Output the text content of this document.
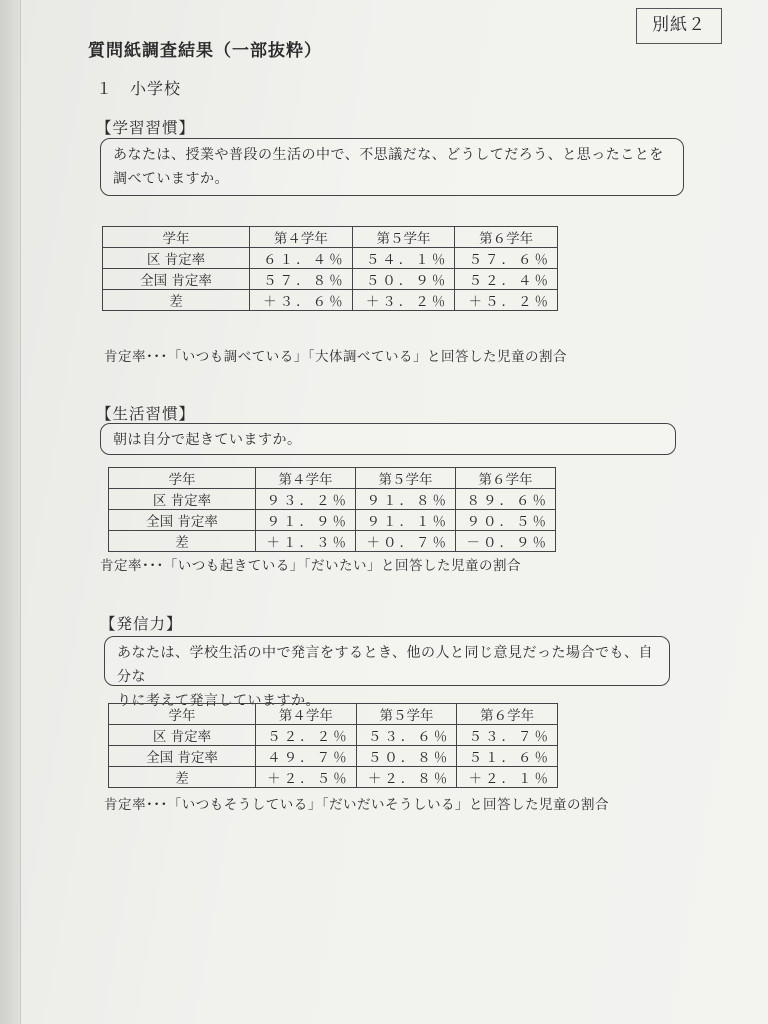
別紙２
質問紙調査結果（一部抜粋）
１　小学校
【学習習慣】
あなたは、授業や普段の生活の中で、不思議だな、どうしてだろう、と思ったことを
調べていますか。
学年	第４学年	第５学年	第６学年
区 肯定率	６１．４％	５４．１％	５７．６％
全国 肯定率	５７．８％	５０．９％	５２．４％
差	＋３．６％	＋３．２％	＋５．２％
肯定率･･･「いつも調べている」「大体調べている」と回答した児童の割合
【生活習慣】
朝は自分で起きていますか。
学年	第４学年	第５学年	第６学年
区 肯定率	９３．２％	９１．８％	８９．６％
全国 肯定率	９１．９％	９１．１％	９０．５％
差	＋１．３％	＋０．７％	－０．９％
肯定率･･･「いつも起きている」「だいたい」と回答した児童の割合
【発信力】
あなたは、学校生活の中で発言をするとき、他の人と同じ意見だった場合でも、自分な
りに考えて発言していますか。
学年	第４学年	第５学年	第６学年
区 肯定率	５２．２％	５３．６％	５３．７％
全国 肯定率	４９．７％	５０．８％	５１．６％
差	＋２．５％	＋２．８％	＋２．１％
肯定率･･･「いつもそうしている」「だいだいそうしいる」と回答した児童の割合
